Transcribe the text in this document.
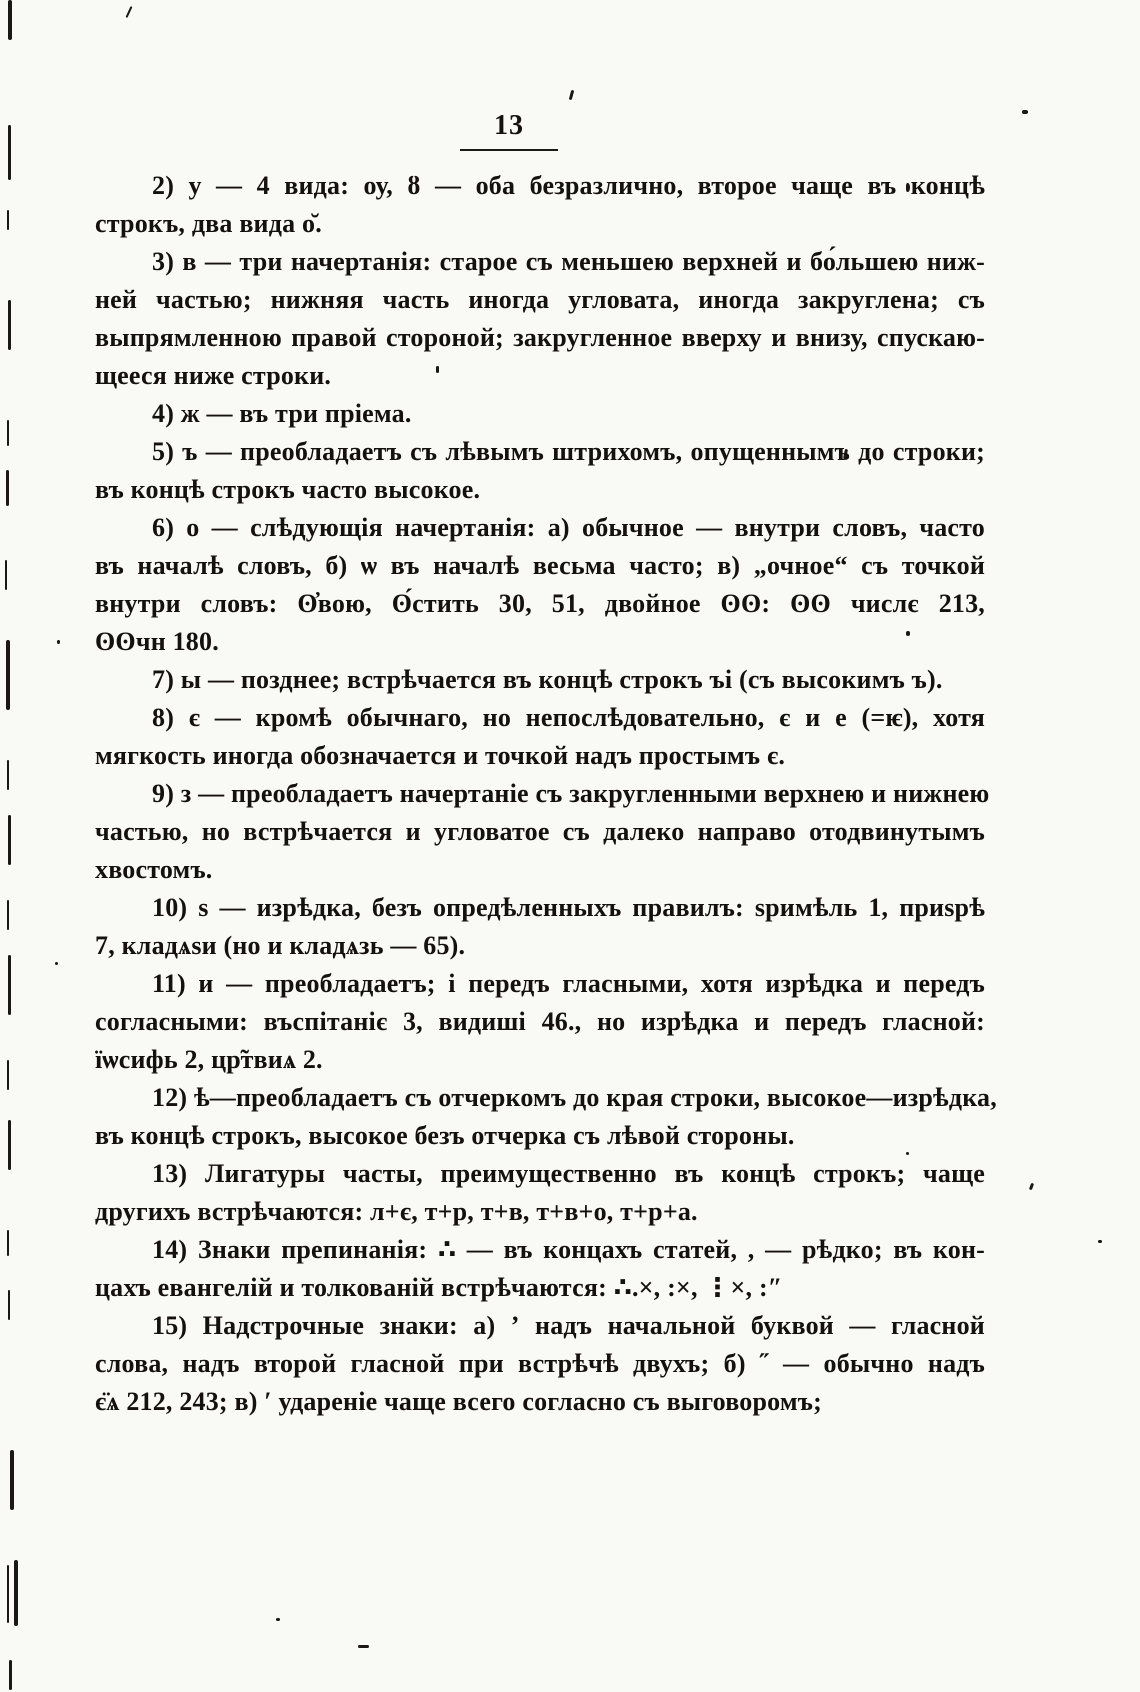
13
2) у — 4 вида: оу, ȣ — оба безразлично, второе чаще въ концѣ
строкъ, два вида о̆.
3) в — три начертанія: старое съ меньшею верхней и бо́льшею ниж-
ней частью; нижняя часть иногда угловата, иногда закруглена; съ
выпрямленною правой стороной; закругленное вверху и внизу, спускаю-
щееся ниже строки.
4) ж — въ три пріема.
5) ъ — преобладаетъ съ лѣвымъ штрихомъ, опущеннымъ до строки;
въ концѣ строкъ часто высокое.
6) о — слѣдующія начертанія: а) обычное — внутри словъ, часто
въ началѣ словъ, б) ѡ въ началѣ весьма часто; в) „очное“ съ точкой
внутри словъ: ʘ̓вою, ʘ́стить 30, 51, двойное ʘʘ: ʘʘ числє 213,
ʘʘчн 180.
7) ы — позднее; встрѣчается въ концѣ строкъ ъі (съ высокимъ ъ).
8) є — кромѣ обычнаго, но непослѣдовательно, є и е (=ѥ), хотя
мягкость иногда обозначается и точкой надъ простымъ є.
9) з — преобладаетъ начертаніе съ закругленными верхнею и нижнею
частью, но встрѣчается и угловатое съ далеко направо отодвинутымъ
хвостомъ.
10) ѕ — изрѣдка, безъ опредѣленныхъ правилъ: ѕримѣль 1, приѕрѣ
7, кладѧѕи (но и кладѧзь — 65).
11) и — преобладаетъ; і передъ гласными, хотя изрѣдка и передъ
согласными: въспітаніє 3, видиші 46., но изрѣдка и передъ гласной:
їѡсифь 2, цр̃твиѧ 2.
12) ѣ—преобладаетъ съ отчеркомъ до края строки, высокое—изрѣдка,
въ концѣ строкъ, высокое безъ отчерка съ лѣвой стороны.
13) Лигатуры часты, преимущественно въ концѣ строкъ; чаще
другихъ встрѣчаются: л+є, т+р, т+в, т+в+о, т+р+а.
14) Знаки препинанія: ∴ — въ концахъ статей, , — рѣдко; въ кон-
цахъ евангелій и толкованій встрѣчаются: ∴.×, :×, ⋮×, :″
15) Надстрочные знаки: а) ʼ надъ начальной буквой — гласной
слова, надъ второй гласной при встрѣчѣ двухъ; б) ˝ — обычно надъ
є̈ѧ 212, 243; в) ′ удареніе чаще всего согласно съ выговоромъ;
